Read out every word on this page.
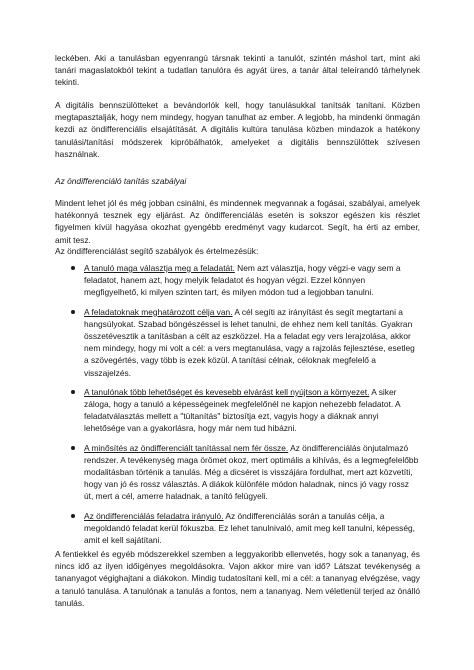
leckében. Aki a tanulásban egyenrangú társnak tekinti a tanulót, szintén máshol tart, mint aki tanári magaslatokból tekint a tudatlan tanulóra és agyát üres, a tanár által teleírandó tárhelynek tekinti.

A digitális bennszülötteket a bevándorlók kell, hogy tanulásukkal tanítsák tanítani. Közben megtapasztalják, hogy nem mindegy, hogyan tanulhat az ember. A legjobb, ha mindenki önmagán kezdi az öndifferenciális elsajátítását. A digitális kultúra tanulása közben mindazok a hatékony tanulási/tanítási módszerek kipróbálhatók, amelyeket a digitális bennszülöttek szívesen használnak.

Az öndifferenciáló tanítás szabályai

Mindent lehet jól és még jobban csinálni, és mindennek megvannak a fogásai, szabályai, amelyek hatékonnyá tesznek egy eljárást. Az öndifferenciálás esetén is sokszor egészen kis részlet figyelmen kívül hagyása okozhat gyengébb eredményt vagy kudarcot. Segít, ha érti az ember, amit tesz.

Az öndifferenciálást segítő szabályok és értelmezésük:

A tanuló maga választja meg a feladatát. Nem azt választja, hogy végzi-e vagy sem a feladatot, hanem azt, hogy melyik feladatot és hogyan végzi. Ezzel könnyen megfigyelhető, ki milyen szinten tart, és milyen módon tud a legjobban tanulni.
A feladatoknak meghatározott célja van. A cél segíti az irányítást és segít megtartani a hangsúlyokat. Szabad böngészéssel is lehet tanulni, de ehhez nem kell tanítás. Gyakran összetévesztik a tanításban a célt az eszközzel. Ha a feladat egy vers lerajzolása, akkor nem mindegy, hogy mi volt a cél: a vers megtanulása, vagy a rajzolás fejlesztése, esetleg a szövegértés, vagy több is ezek közül. A tanítási célnak, céloknak megfelelő a visszajelzés.
A tanulónak több lehetőséget és kevesebb elvárást kell nyújtson a környezet. A siker záloga, hogy a tanuló a képességeinek megfelelőnél ne kapjon nehezebb feladatot. A feladatválasztás mellett a "tültanítás" biztosítja ezt, vagyis hogy a diáknak annyi lehetősége van a gyakorlásra, hogy már nem tud hibázni.
A minősítés az öndifferenciált tanítással nem fér össze. Az öndifferenciálás önjutalmazó rendszer. A tevékenység maga örömet okoz, mert optimális a kihívás, és a legmegfelelőbb modalitásban történik a tanulás. Még a dicséret is visszájára fordulhat, mert azt közvetíti, hogy van jó és rossz választás. A diákok különféle módon haladnak, nincs jó vagy rossz út, mert a cél, amerre haladnak, a tanító felügyeli.
Az öndifferenciálás feladatra irányuló. Az öndifferenciálás során a tanulás célja, a megoldandó feladat kerül fókuszba. Ez lehet tanulnivaló, amit meg kell tanulni, képesség, amit el kell sajátítani.

A fentiekkel és egyéb módszerekkel szemben a leggyakoribb ellenvetés, hogy sok a tananyag, és nincs idő az ilyen időigényes megoldásokra. Vajon akkor mire van idő? Látszat tevékenység a tananyagot végighajtani a diákokon. Mindig tudatosítani kell, mi a cél: a tananyag elvégzése, vagy a tanuló tanulása. A tanulónak a tanulás a fontos, nem a tananyag. Nem véletlenül terjed az önálló tanulás.
